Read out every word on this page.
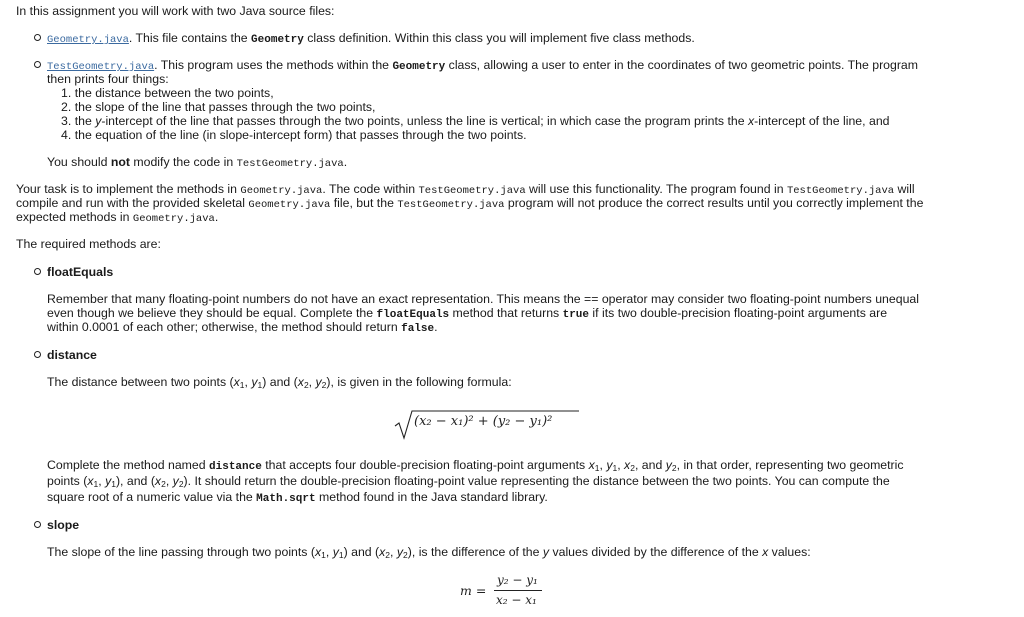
In this assignment you will work with two Java source files:
Geometry.java. This file contains the Geometry class definition. Within this class you will implement five class methods.
TestGeometry.java. This program uses the methods within the Geometry class, allowing a user to enter in the coordinates of two geometric points. The program
then prints four things:
1. the distance between the two points,
2. the slope of the line that passes through the two points,
3. the y-intercept of the line that passes through the two points, unless the line is vertical; in which case the program prints the x-intercept of the line, and
4. the equation of the line (in slope-intercept form) that passes through the two points.
You should not modify the code in TestGeometry.java.
Your task is to implement the methods in Geometry.java. The code within TestGeometry.java will use this functionality. The program found in TestGeometry.java will
compile and run with the provided skeletal Geometry.java file, but the TestGeometry.java program will not produce the correct results until you correctly implement the
expected methods in Geometry.java.
The required methods are:
floatEquals
Remember that many floating-point numbers do not have an exact representation. This means the == operator may consider two floating-point numbers unequal
even though we believe they should be equal. Complete the floatEquals method that returns true if its two double-precision floating-point arguments are
within 0.0001 of each other; otherwise, the method should return false.
distance
The distance between two points ($x_1$, $y_1$) and ($x_2$, $y_2$), is given in the following formula:
(x₂ − x₁)² + (y₂ − y₁)²
Complete the method named distance that accepts four double-precision floating-point arguments $x_1$, $y_1$, $x_2$, and $y_2$, in that order, representing two geometric
points ($x_1$, $y_1$), and ($x_2$, $y_2$). It should return the double-precision floating-point value representing the distance between the two points. You can compute the
square root of a numeric value via the Math.sqrt method found in the Java standard library.
slope
The slope of the line passing through two points ($x_1$, $y_1$) and ($x_2$, $y_2$), is the difference of the y values divided by the difference of the x values:
m =
y₂ − y₁
x₂ − x₁
